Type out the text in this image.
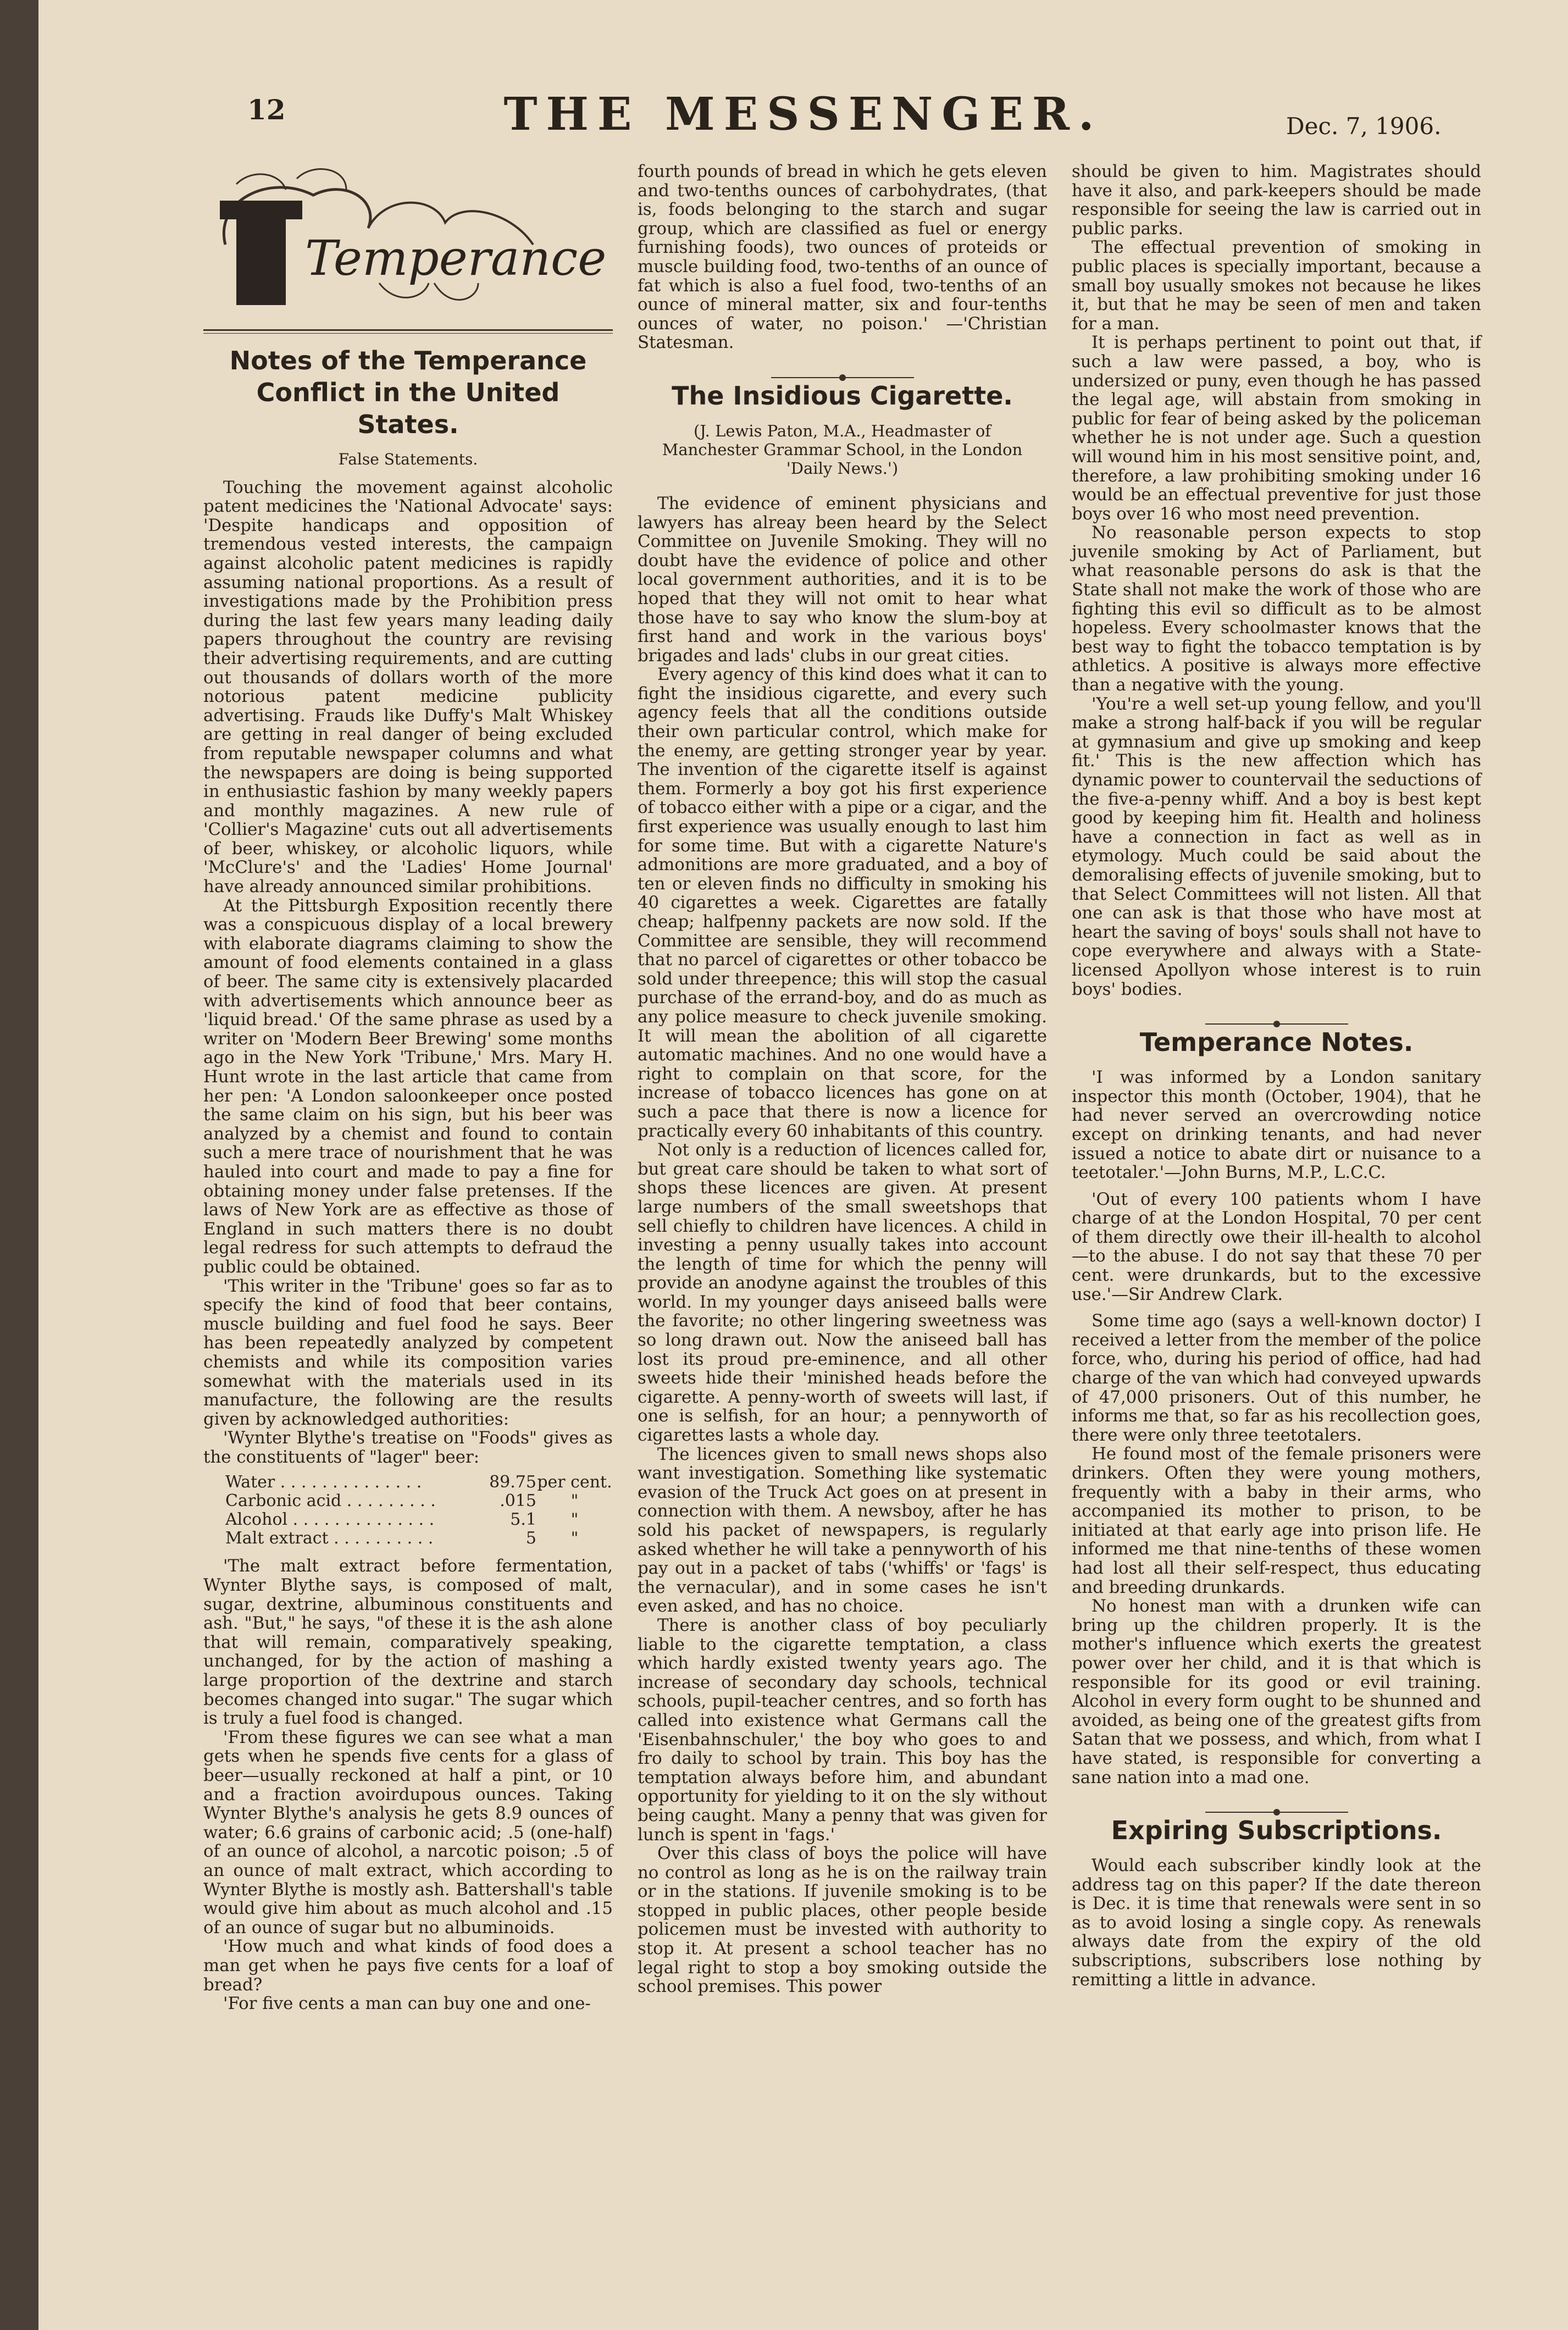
12	THE MESSENGER.	Dec. 7, 1906.
Temperance
Notes of the Temperance Conflict in the United States.
False Statements.

Touching the movement against alcoholic patent medicines the 'National Advocate' says: 'Despite handicaps and opposition of tremendous vested interests, the campaign against alcoholic patent medicines is rapidly assuming national proportions. As a result of investigations made by the Prohibition press during the last few years many leading daily papers throughout the country are revising their advertising requirements, and are cutting out thousands of dollars worth of the more notorious patent medicine publicity advertising. Frauds like Duffy's Malt Whiskey are getting in real danger of being excluded from reputable newspaper columns and what the newspapers are doing is being supported in enthusiastic fashion by many weekly papers and monthly magazines. A new rule of 'Collier's Magazine' cuts out all advertisements of beer, whiskey, or alcoholic liquors, while 'McClure's' and the 'Ladies' Home Journal' have already announced similar prohibitions.

At the Pittsburgh Exposition recently there was a conspicuous display of a local brewery with elaborate diagrams claiming to show the amount of food elements contained in a glass of beer. The same city is extensively placarded with advertisements which announce beer as 'liquid bread.' Of the same phrase as used by a writer on 'Modern Beer Brewing' some months ago in the New York 'Tribune,' Mrs. Mary H. Hunt wrote in the last article that came from her pen: 'A London saloonkeeper once posted the same claim on his sign, but his beer was analyzed by a chemist and found to contain such a mere trace of nourishment that he was hauled into court and made to pay a fine for obtaining money under false pretenses. If the laws of New York are as effective as those of England in such matters there is no doubt legal redress for such attempts to defraud the public could be obtained.

'This writer in the 'Tribune' goes so far as to specify the kind of food that beer contains, muscle building and fuel food he says. Beer has been repeatedly analyzed by competent chemists and while its composition varies somewhat with the materials used in its manufacture, the following are the results given by acknowledged authorities:

'Wynter Blythe's treatise on "Foods" gives as the constituents of "lager" beer:

Water . . . . . . . . . . . . . .	89.75 per cent.
Carbonic acid . . . . . . . . .	.015	"
Alcohol . . . . . . . . . . . . . .	5.1	"
Malt extract . . . . . . . . . .	5	"

'The malt extract before fermentation, Wynter Blythe says, is composed of malt, sugar, dextrine, albuminous constituents and ash. "But," he says, "of these it is the ash alone that will remain, comparatively speaking, unchanged, for by the action of mashing a large proportion of the dextrine and starch becomes changed into sugar." The sugar which is truly a fuel food is changed.

'From these figures we can see what a man gets when he spends five cents for a glass of beer—usually reckoned at half a pint, or 10 and a fraction avoirdupous ounces. Taking Wynter Blythe's analysis he gets 8.9 ounces of water; 6.6 grains of carbonic acid; .5 (one-half) of an ounce of alcohol, a narcotic poison; .5 of an ounce of malt extract, which according to Wynter Blythe is mostly ash. Battershall's table would give him about as much alcohol and .15 of an ounce of sugar but no albuminoids.

'How much and what kinds of food does a man get when he pays five cents for a loaf of bread?

'For five cents a man can buy one and one-

fourth pounds of bread in which he gets eleven and two-tenths ounces of carbohydrates, (that is, foods belonging to the starch and sugar group, which are classified as fuel or energy furnishing foods), two ounces of proteids or muscle building food, two-tenths of an ounce of fat which is also a fuel food, two-tenths of an ounce of mineral matter, six and four-tenths ounces of water, no poison.' —'Christian Statesman.

The Insidious Cigarette.
(J. Lewis Paton, M.A., Headmaster of Manchester Grammar School, in the London 'Daily News.')

The evidence of eminent physicians and lawyers has alreay been heard by the Select Committee on Juvenile Smoking. They will no doubt have the evidence of police and other local government authorities, and it is to be hoped that they will not omit to hear what those have to say who know the slum-boy at first hand and work in the various boys' brigades and lads' clubs in our great cities.

Every agency of this kind does what it can to fight the insidious cigarette, and every such agency feels that all the conditions outside their own particular control, which make for the enemy, are getting stronger year by year. The invention of the cigarette itself is against them. Formerly a boy got his first experience of tobacco either with a pipe or a cigar, and the first experience was usually enough to last him for some time. But with a cigarette Nature's admonitions are more graduated, and a boy of ten or eleven finds no difficulty in smoking his 40 cigarettes a week. Cigarettes are fatally cheap; halfpenny packets are now sold. If the Committee are sensible, they will recommend that no parcel of cigarettes or other tobacco be sold under threepence; this will stop the casual purchase of the errand-boy, and do as much as any police measure to check juvenile smoking. It will mean the abolition of all cigarette automatic machines. And no one would have a right to complain on that score, for the increase of tobacco licences has gone on at such a pace that there is now a licence for practically every 60 inhabitants of this country.

Not only is a reduction of licences called for, but great care should be taken to what sort of shops these licences are given. At present large numbers of the small sweetshops that sell chiefly to children have licences. A child in investing a penny usually takes into account the length of time for which the penny will provide an anodyne against the troubles of this world. In my younger days aniseed balls were the favorite; no other lingering sweetness was so long drawn out. Now the aniseed ball has lost its proud pre-eminence, and all other sweets hide their 'minished heads before the cigarette. A penny-worth of sweets will last, if one is selfish, for an hour; a pennyworth of cigarettes lasts a whole day.

The licences given to small news shops also want investigation. Something like systematic evasion of the Truck Act goes on at present in connection with them. A newsboy, after he has sold his packet of newspapers, is regularly asked whether he will take a pennyworth of his pay out in a packet of tabs ('whiffs' or 'fags' is the vernacular), and in some cases he isn't even asked, and has no choice.

There is another class of boy peculiarly liable to the cigarette temptation, a class which hardly existed twenty years ago. The increase of secondary day schools, technical schools, pupil-teacher centres, and so forth has called into existence what Germans call the 'Eisenbahnschuler,' the boy who goes to and fro daily to school by train. This boy has the temptation always before him, and abundant opportunity for yielding to it on the sly without being caught. Many a penny that was given for lunch is spent in 'fags.'

Over this class of boys the police will have no control as long as he is on the railway train or in the stations. If juvenile smoking is to be stopped in public places, other people beside policemen must be invested with authority to stop it. At present a school teacher has no legal right to stop a boy smoking outside the school premises. This power

should be given to him. Magistrates should have it also, and park-keepers should be made responsible for seeing the law is carried out in public parks.

The effectual prevention of smoking in public places is specially important, because a small boy usually smokes not because he likes it, but that he may be seen of men and taken for a man.

It is perhaps pertinent to point out that, if such a law were passed, a boy, who is undersized or puny, even though he has passed the legal age, will abstain from smoking in public for fear of being asked by the policeman whether he is not under age. Such a question will wound him in his most sensitive point, and, therefore, a law prohibiting smoking under 16 would be an effectual preventive for just those boys over 16 who most need prevention.

No reasonable person expects to stop juvenile smoking by Act of Parliament, but what reasonable persons do ask is that the State shall not make the work of those who are fighting this evil so difficult as to be almost hopeless. Every schoolmaster knows that the best way to fight the tobacco temptation is by athletics. A positive is always more effective than a negative with the young.

'You're a well set-up young fellow, and you'll make a strong half-back if you will be regular at gymnasium and give up smoking and keep fit.' This is the new affection which has dynamic power to countervail the seductions of the five-a-penny whiff. And a boy is best kept good by keeping him fit. Health and holiness have a connection in fact as well as in etymology. Much could be said about the demoralising effects of juvenile smoking, but to that Select Committees will not listen. All that one can ask is that those who have most at heart the saving of boys' souls shall not have to cope everywhere and always with a State-licensed Apollyon whose interest is to ruin boys' bodies.

Temperance Notes.

'I was informed by a London sanitary inspector this month (October, 1904), that he had never served an overcrowding notice except on drinking tenants, and had never issued a notice to abate dirt or nuisance to a teetotaler.'—John Burns, M.P., L.C.C.

'Out of every 100 patients whom I have charge of at the London Hospital, 70 per cent of them directly owe their ill-health to alcohol—to the abuse. I do not say that these 70 per cent. were drunkards, but to the excessive use.'—Sir Andrew Clark.

Some time ago (says a well-known doctor) I received a letter from the member of the police force, who, during his period of office, had had charge of the van which had conveyed upwards of 47,000 prisoners. Out of this number, he informs me that, so far as his recollection goes, there were only three teetotalers.

He found most of the female prisoners were drinkers. Often they were young mothers, frequently with a baby in their arms, who accompanied its mother to prison, to be initiated at that early age into prison life. He informed me that nine-tenths of these women had lost all their self-respect, thus educating and breeding drunkards.

No honest man with a drunken wife can bring up the children properly. It is the mother's influence which exerts the greatest power over her child, and it is that which is responsible for its good or evil training. Alcohol in every form ought to be shunned and avoided, as being one of the greatest gifts from Satan that we possess, and which, from what I have stated, is responsible for converting a sane nation into a mad one.

Expiring Subscriptions.

Would each subscriber kindly look at the address tag on this paper? If the date thereon is Dec. it is time that renewals were sent in so as to avoid losing a single copy. As renewals always date from the expiry of the old subscriptions, subscribers lose nothing by remitting a little in advance.
